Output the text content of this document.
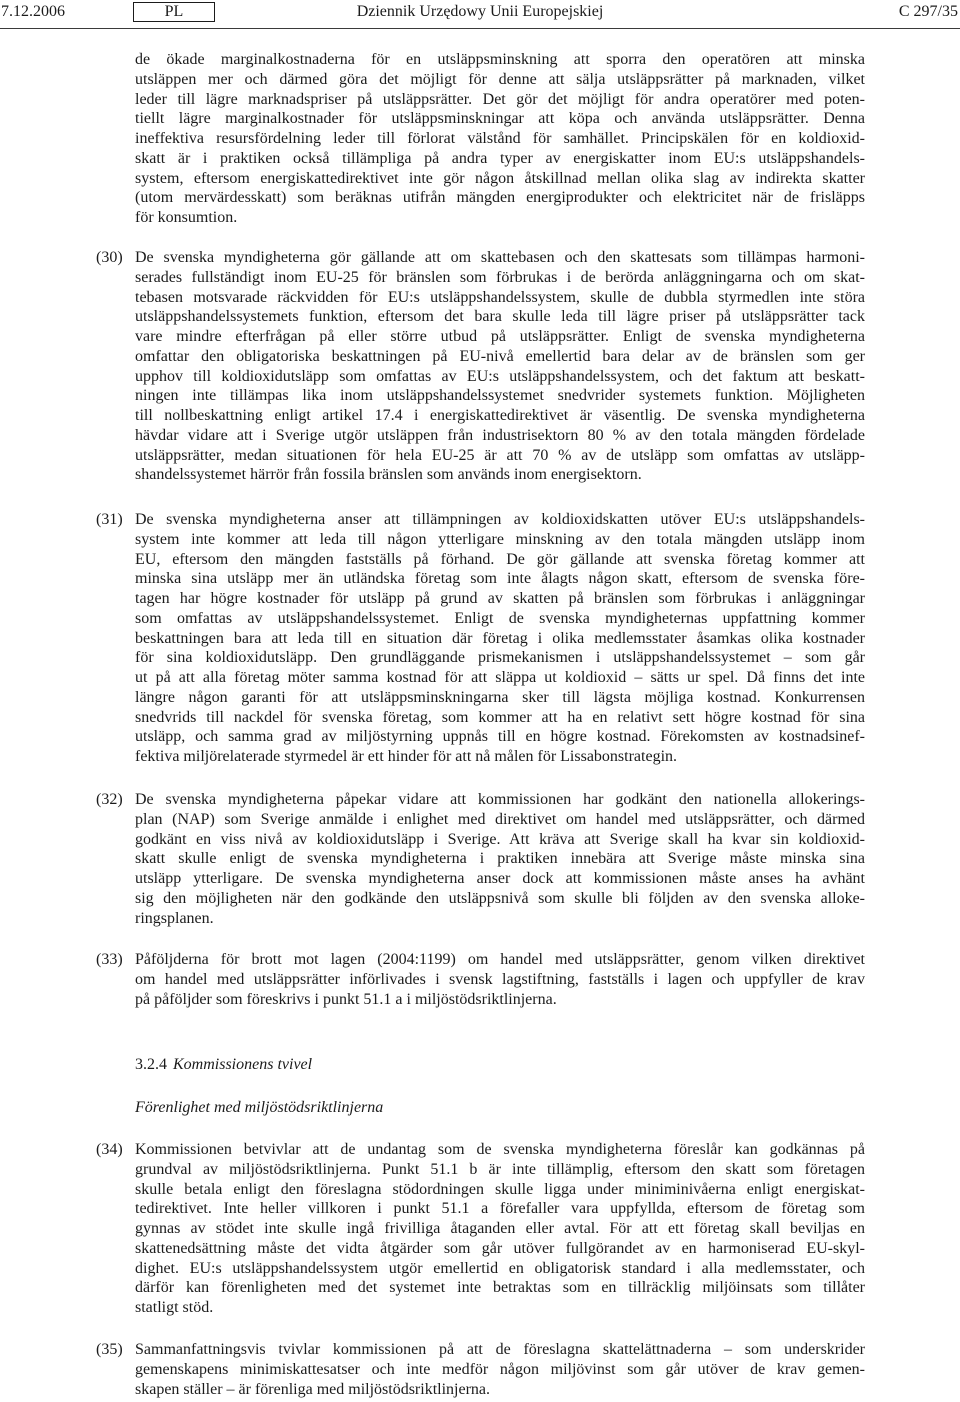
7.12.2006	PL	Dziennik Urzędowy Unii Europejskiej	C 297/35
de ökade marginalkostnaderna för en utsläppsminskning att sporra den operatören att minska
utsläppen mer och därmed göra det möjligt för denne att sälja utsläppsrätter på marknaden, vilket
leder till lägre marknadspriser på utsläppsrätter. Det gör det möjligt för andra operatörer med poten-
tiellt lägre marginalkostnader för utsläppsminskningar att köpa och använda utsläppsrätter. Denna
ineffektiva resursfördelning leder till förlorat välstånd för samhället. Principskälen för en koldioxid-
skatt är i praktiken också tillämpliga på andra typer av energiskatter inom EU:s utsläppshandels-
system, eftersom energiskattedirektivet inte gör någon åtskillnad mellan olika slag av indirekta skatter
(utom mervärdesskatt) som beräknas utifrån mängden energiprodukter och elektricitet när de frisläpps
för konsumtion.
(30) De svenska myndigheterna gör gällande att om skattebasen och den skattesats som tillämpas harmoni-
serades fullständigt inom EU-25 för bränslen som förbrukas i de berörda anläggningarna och om skat-
tebasen motsvarade räckvidden för EU:s utsläppshandelssystem, skulle de dubbla styrmedlen inte störa
utsläppshandelssystemets funktion, eftersom det bara skulle leda till lägre priser på utsläppsrätter tack
vare mindre efterfrågan på eller större utbud på utsläppsrätter. Enligt de svenska myndigheterna
omfattar den obligatoriska beskattningen på EU-nivå emellertid bara delar av de bränslen som ger
upphov till koldioxidutsläpp som omfattas av EU:s utsläppshandelssystem, och det faktum att beskatt-
ningen inte tillämpas lika inom utsläppshandelssystemet snedvrider systemets funktion. Möjligheten
till nollbeskattning enligt artikel 17.4 i energiskattedirektivet är väsentlig. De svenska myndigheterna
hävdar vidare att i Sverige utgör utsläppen från industrisektorn 80 % av den totala mängden fördelade
utsläppsrätter, medan situationen för hela EU-25 är att 70 % av de utsläpp som omfattas av utsläpp-
shandelssystemet härrör från fossila bränslen som används inom energisektorn.
(31) De svenska myndigheterna anser att tillämpningen av koldioxidskatten utöver EU:s utsläppshandels-
system inte kommer att leda till någon ytterligare minskning av den totala mängden utsläpp inom
EU, eftersom den mängden fastställs på förhand. De gör gällande att svenska företag kommer att
minska sina utsläpp mer än utländska företag som inte ålagts någon skatt, eftersom de svenska före-
tagen har högre kostnader för utsläpp på grund av skatten på bränslen som förbrukas i anläggningar
som omfattas av utsläppshandelssystemet. Enligt de svenska myndigheternas uppfattning kommer
beskattningen bara att leda till en situation där företag i olika medlemsstater åsamkas olika kostnader
för sina koldioxidutsläpp. Den grundläggande prismekanismen i utsläppshandelssystemet – som går
ut på att alla företag möter samma kostnad för att släppa ut koldioxid – sätts ur spel. Då finns det inte
längre någon garanti för att utsläppsminskningarna sker till lägsta möjliga kostnad. Konkurrensen
snedvrids till nackdel för svenska företag, som kommer att ha en relativt sett högre kostnad för sina
utsläpp, och samma grad av miljöstyrning uppnås till en högre kostnad. Förekomsten av kostnadsinef-
fektiva miljörelaterade styrmedel är ett hinder för att nå målen för Lissabonstrategin.
(32) De svenska myndigheterna påpekar vidare att kommissionen har godkänt den nationella allokerings-
plan (NAP) som Sverige anmälde i enlighet med direktivet om handel med utsläppsrätter, och därmed
godkänt en viss nivå av koldioxidutsläpp i Sverige. Att kräva att Sverige skall ha kvar sin koldioxid-
skatt skulle enligt de svenska myndigheterna i praktiken innebära att Sverige måste minska sina
utsläpp ytterligare. De svenska myndigheterna anser dock att kommissionen måste anses ha avhänt
sig den möjligheten när den godkände den utsläppsnivå som skulle bli följden av den svenska alloke-
ringsplanen.
(33) Påföljderna för brott mot lagen (2004:1199) om handel med utsläppsrätter, genom vilken direktivet
om handel med utsläppsrätter införlivades i svensk lagstiftning, fastställs i lagen och uppfyller de krav
på påföljder som föreskrivs i punkt 51.1 a i miljöstödsriktlinjerna.
3.2.4 Kommissionens tvivel
Förenlighet med miljöstödsriktlinjerna
(34) Kommissionen betvivlar att de undantag som de svenska myndigheterna föreslår kan godkännas på
grundval av miljöstödsriktlinjerna. Punkt 51.1 b är inte tillämplig, eftersom den skatt som företagen
skulle betala enligt den föreslagna stödordningen skulle ligga under miniminivåerna enligt energiskat-
tedirektivet. Inte heller villkoren i punkt 51.1 a förefaller vara uppfyllda, eftersom de företag som
gynnas av stödet inte skulle ingå frivilliga åtaganden eller avtal. För att ett företag skall beviljas en
skattenedsättning måste det vidta åtgärder som går utöver fullgörandet av en harmoniserad EU-skyl-
dighet. EU:s utsläppshandelssystem utgör emellertid en obligatorisk standard i alla medlemsstater, och
därför kan förenligheten med det systemet inte betraktas som en tillräcklig miljöinsats som tillåter
statligt stöd.
(35) Sammanfattningsvis tvivlar kommissionen på att de föreslagna skattelättnaderna – som underskrider
gemenskapens minimiskattesatser och inte medför någon miljövinst som går utöver de krav gemen-
skapen ställer – är förenliga med miljöstödsriktlinjerna.
